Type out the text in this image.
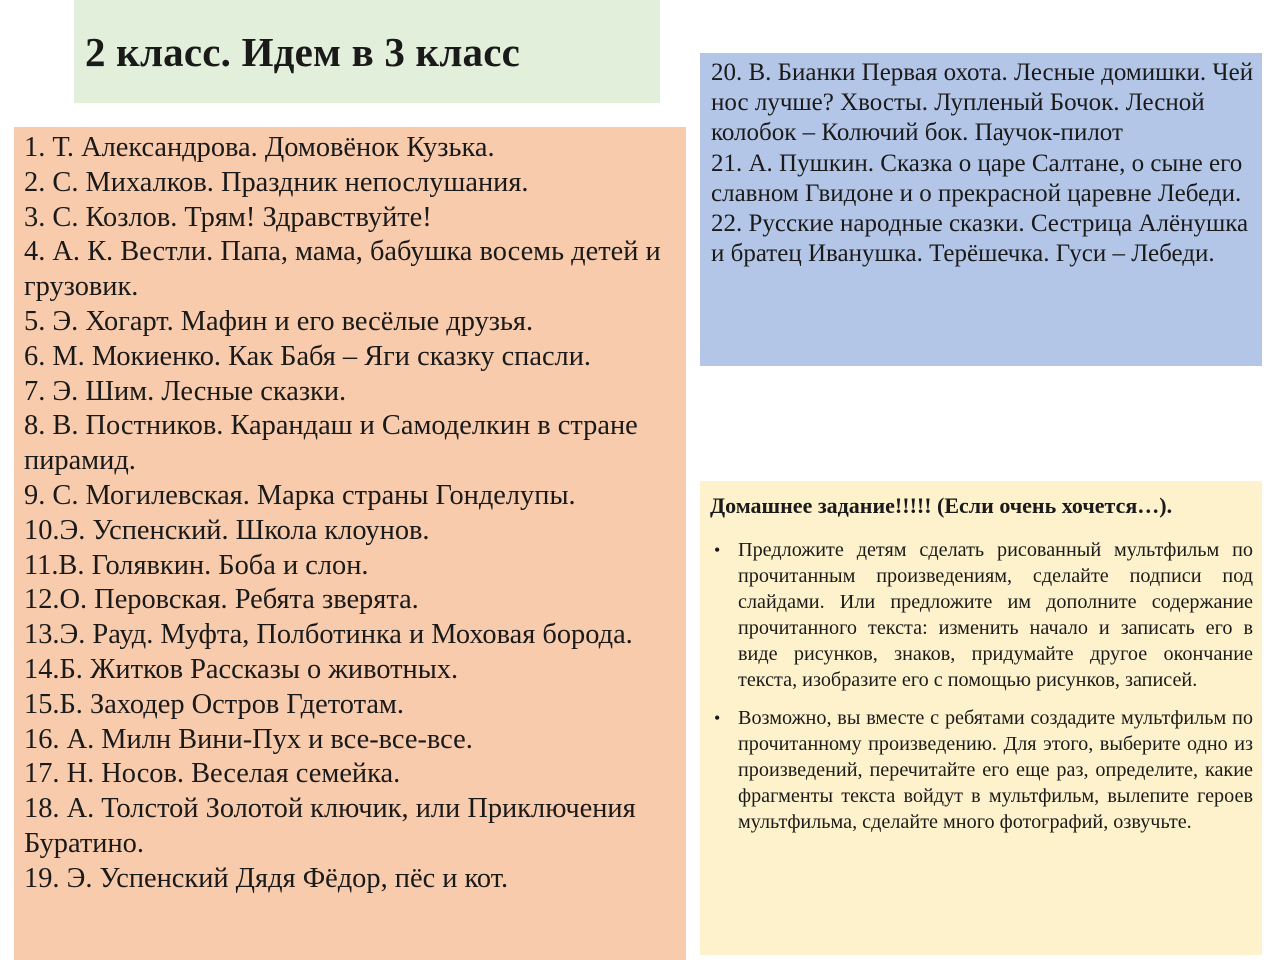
2 класс. Идем в 3 класс
1. Т. Александрова. Домовёнок Кузька.
2. С. Михалков. Праздник непослушания.
3. С. Козлов. Трям! Здравствуйте!
4. А. К. Вестли. Папа, мама, бабушка восемь детей и грузовик.
5. Э. Хогарт. Мафин и его весёлые друзья.
6. М. Мокиенко. Как Бабя – Яги сказку спасли.
7. Э. Шим. Лесные сказки.
8. В. Постников. Карандаш и Самоделкин в стране пирамид.
9. С. Могилевская. Марка страны Гонделупы.
10.Э. Успенский. Школа клоунов.
11.В. Голявкин. Боба и слон.
12.О. Перовская. Ребята зверята.
13.Э. Рауд. Муфта, Полботинка и Моховая борода.
14.Б. Житков Рассказы о животных.
15.Б. Заходер Остров Гдетотам.
16. А. Милн Вини-Пух и все-все-все.
17. Н. Носов. Веселая семейка.
18. А. Толстой Золотой ключик, или Приключения Буратино.
19. Э. Успенский Дядя Фёдор, пёс и кот.

20. В. Бианки Первая охота. Лесные домишки. Чей нос лучше? Хвосты. Лупленый Бочок. Лесной колобок – Колючий бок. Паучок-пилот

21. А. Пушкин. Сказка о царе Салтане, о сыне его славном Гвидоне и о прекрасной царевне Лебеди.

22. Русские народные сказки. Сестрица Алёнушка и братец Иванушка. Терёшечка. Гуси – Лебеди.

Домашнее задание!!!!! (Если очень хочется…).

• Предложите детям сделать рисованный мультфильм по прочитанным произведениям, сделайте подписи под слайдами. Или предложите им дополните содержание прочитанного текста: изменить начало и записать его в виде рисунков, знаков, придумайте другое окончание текста, изобразите его с помощью рисунков, записей.
• Возможно, вы вместе с ребятами создадите мультфильм по прочитанному произведению. Для этого, выберите одно из произведений, перечитайте его еще раз, определите, какие фрагменты текста войдут в мультфильм, вылепите героев мультфильма, сделайте много фотографий, озвучьте.
